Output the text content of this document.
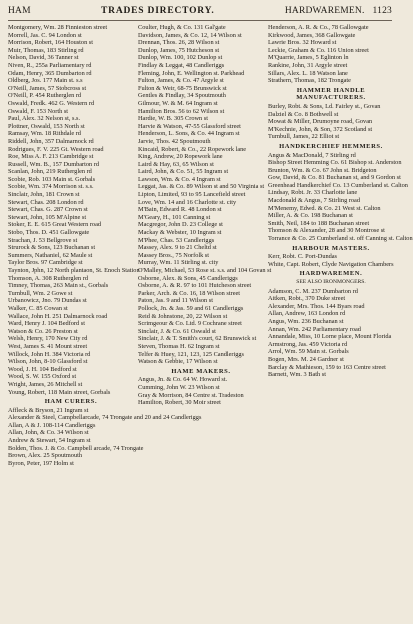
HAM	TRADES DIRECTORY.	HARDWAREMEN. 1123
Montgomery, Wm. 28 Finnieston street
Morrell, Jas. C. 94 London st
Morrison, Robert, 164 Houston st
Muir, Thomas, 183 Stirling rd
Nelson, David, 36 Tanner st
Niven, R., 255a Parliamentary rd
Odam, Henry, 365 Dumbarton rd
Oldberg, Jos. 177 Main st. s.s
O'Neill, James, 57 Stobcross st
O'Neill, P. 454 Rutherglen rd
Oswald, Fredk. 462 G. Western rd
Oswald, F. 153 North st
Paul, Alex. 32 Nelson st, s.s.
Plottner, Oswald, 153 North st
Ramsay, Wm. 18 Rithdale rd
Riddell, John, 357 Dalmarnock rd
Rodrigues, F. V. 225 Gt. Western road
Roe, Miss A. F. 213 Cambridge st
Russell, Wm. B., 157 Dumbarton rd
Scanlan, John, 219 Rutherglen rd
Scobie, Rob. 103 Main st. Gorbals
Scobie, Wm. 374 Morrison st. s.s.
Sinclair, John, 181 Crown st
Stewart, Chas. 208 London rd
Stewart, Chas. G. 287 Crown st
Stewart, John, 105 M'Alpine st
Stoker, E. E. 615 Great Western road
Stobo, Thos. D. 451 Gallowgate
Strachan, J. 53 Bellgrove st
Strurock & Sons, 123 Buchanan st
Summers, Nathaniel, 62 Maule st
Taylor Bros. 97 Cambridge st
Taynton, Jphn, 12 North plantaon, St. Enoch Station
Thomson, A. 308 Rutherglen rd
Timney, Thomas, 263 Main st., Gorbals
Turnbull, Wm. 2 Gowe st
Urbanowicz, Jno. 79 Dundas st
Walker, C. 85 Cowan st
Wallace, John H. 251 Dalmarnock road
Ward, Henry J. 104 Bedford st
Watson & Co. 26 Preston st
Welsh, Henry, 170 New City rd
West, James S. 41 Mount street
Willock, John H. 384 Victoria rd
Wilson, John, 8-10 Glassford st
Wood, J. H. 104 Bedford st
Wood, S. W. 155 Oxford st
Wright, James, 26 Mitchell st
Young, Robert, 118 Main street, Gorbals
HAM CURERS.
Affleck & Bryson, 21 Ingram st
Alexander & Steel, Campbellarcade, 74 Trongate and 20 and 24 Candleriggs
Allan, A & J. 108-114 Candleriggs
Allan, John, & Co. 34 Wilson st
Andrew & Stewart, 54 Ingram st
Bolden, Thos. J. & Co. Campbell arcade, 74 Trongate
Brown, Alex. 25 Spoutmouth
Byron, Peter, 197 Holm st
Coulter, Hugh, & Co. 131 Gal'gate
Davidson, James, & Co. 12, 14 Wilson st
Drennan, Thos. 26, 28 Wilson st
Dunlop, James, 75 Hutcheson st
Dunlop, Wm. 100, 102 Dunlop st
Findlay & Leggat, 48 Candleriggs
Fleming, John, E. Wellington st. Parkhead
Fulton, James, & Co. 47 Argyle st
Fulton & Weir, 68-75 Brunswick st
Gentles & Findlay, 34 Spoutmouth
Gilmour, W. & M. 64 Ingram st
Hamilton Bros. 56 to 62 Wilson st
Hardie, W. B. 305 Crown st
Harvie & Watson, 47-55 Glassford street
Henderson, L. Sons, & Co. 44 Ingram st
Jarvie, Thos. 42 Spoutmouth
Kincaid, Robert, & Co., 22 Ropework lane
King, Andrew, 20 Ropework lane
Laird & Hay, 63, 65 Wilson st
Laird, John, & Co. 51, 55 Ingram st
Lawson, Wm. & Co. 4 Ingram st
Leggat, Jas. & Co. 89 Wilson st and 50 Virginia st
Lipton, Limited, 93 to 95 Lancefield street
Love, Wm. 14 and 16 Charlotte st. city
M'Bain, Edward R. 48 London st
M'Geary, H., 101 Canning st
Macgregor, John D. 23 College st
Mackay & Webster, 10 Ingram st
M'Phee, Chas. 53 Candleriggs
Massey, Alex. 9 to 21 Cheltd st
Massey Bros., 75 Norfolk st
Murray, Wm. 11 Stirling st. city
O'Malley, Michael, 53 Rose st. s.s. and 104 Govan st
Osborne, Alex. & Sons, 45 Candleriggs
Osborne, A. & R. 97 to 101 Hutcheson street
Parker, Arch. & Co. 16, 18 Wilson street
Paton, Jas. 9 and 11 Wilson st
Pollock, Jn. & Jas. 59 and 61 Candleriggs
Reid & Johnstone, 20, 22 Wilson st
Scrimgeour & Co. Ltd. 9 Cochrane street
Sinclair, J. & Co. 61 Oswald st
Sinclair, J. & T. Smith's court, 62 Brunswick st
Steven, Thomas H. 62 Ingram st
Telfer & Huey, 121, 123, 125 Candleriggs
Watson & Gebbie, 17 Wilson st
HAME MAKERS.
Angus, Jn. & Co. 64 W. Howard st.
Cumming, John W. 23 Wilson st
Gray & Morrison, 84 Centre st. Tradeston
Hamilton, Robert, 30 Moir street
Henderson, A. R. & Co., 78 Gallowgate
Kirkwood, James, 368 Gallowgate
Lawrie Bros. 32 Howard st
Leckie, Graham & Co. 116 Union street
M'Quarrie, James, 5 Eglinton ln
Rankine, John, 31 Argyle street
Sillars, Alex. L. 18 Watson lane
Strathern, Thomas, 182 Trongate
HAMMER HANDLE MANUFACTURERS.
Burley, Robt. & Sons, Ld. Fairley st., Govan
Dalziel & Co. 8 Bothwell st
Mowat & Miller, Drumoyne road, Govan
M'Kechnie, John, & Son, 372 Scotland st
Turnbull, James, 22 Elliot st
HANDKERCHIEF HEMMERS.
Angus & MacDonald, 7 Stirling rd
Bishop Street Hemming Co. 61 Bishop st. Anderston
Brunton, Wm. & Co. 67 John st. Bridgeton
Gow, David, & Co. 81 Buchanan st, and 9 Gordon st
Greenhead Handkerchief Co. 13 Cumberland st. Calton
Lindsay, Robt. Jr. 33 Charlotte lane
Macdonald & Angus, 7 Stirling road
M'Menemy, Edwd. & Co. 21 West st. Calton
Miller, A. & Co. 198 Buchanan st
Smith, Neil, 184 to 188 Buchanan street
Thomson & Alexander, 28 and 30 Montrose st
Torrance & Co. 25 Cumberland st. off Canning st. Calton
HARBOUR MASTERS.
Kerr, Robt. C. Port-Dundas
White, Capt. Robert, Clyde Navigation Chambers
HARDWAREMEN.
SEE ALSO IRONMONGERS.
Adamson, C. M. 237 Dumbarton rd
Aitken, Robt., 370 Duke street
Alexander, Mrs. Thos. 144 Byars road
Allan, Andrew, 163 London rd
Angus, Wm. 236 Buchanan st
Annan, Wm. 242 Parliamentary road
Annandale, Miss, 10 Lorne place, Mount Florida
Armstrong, Jas. 459 Victoria rd
Arrol, Wm. 59 Main st. Gorbals
Bogen, Mrs. M. 24 Gardner st
Barclay & Mathieson, 159 to 163 Centre street
Barnett, Wm. 3 Bath st
